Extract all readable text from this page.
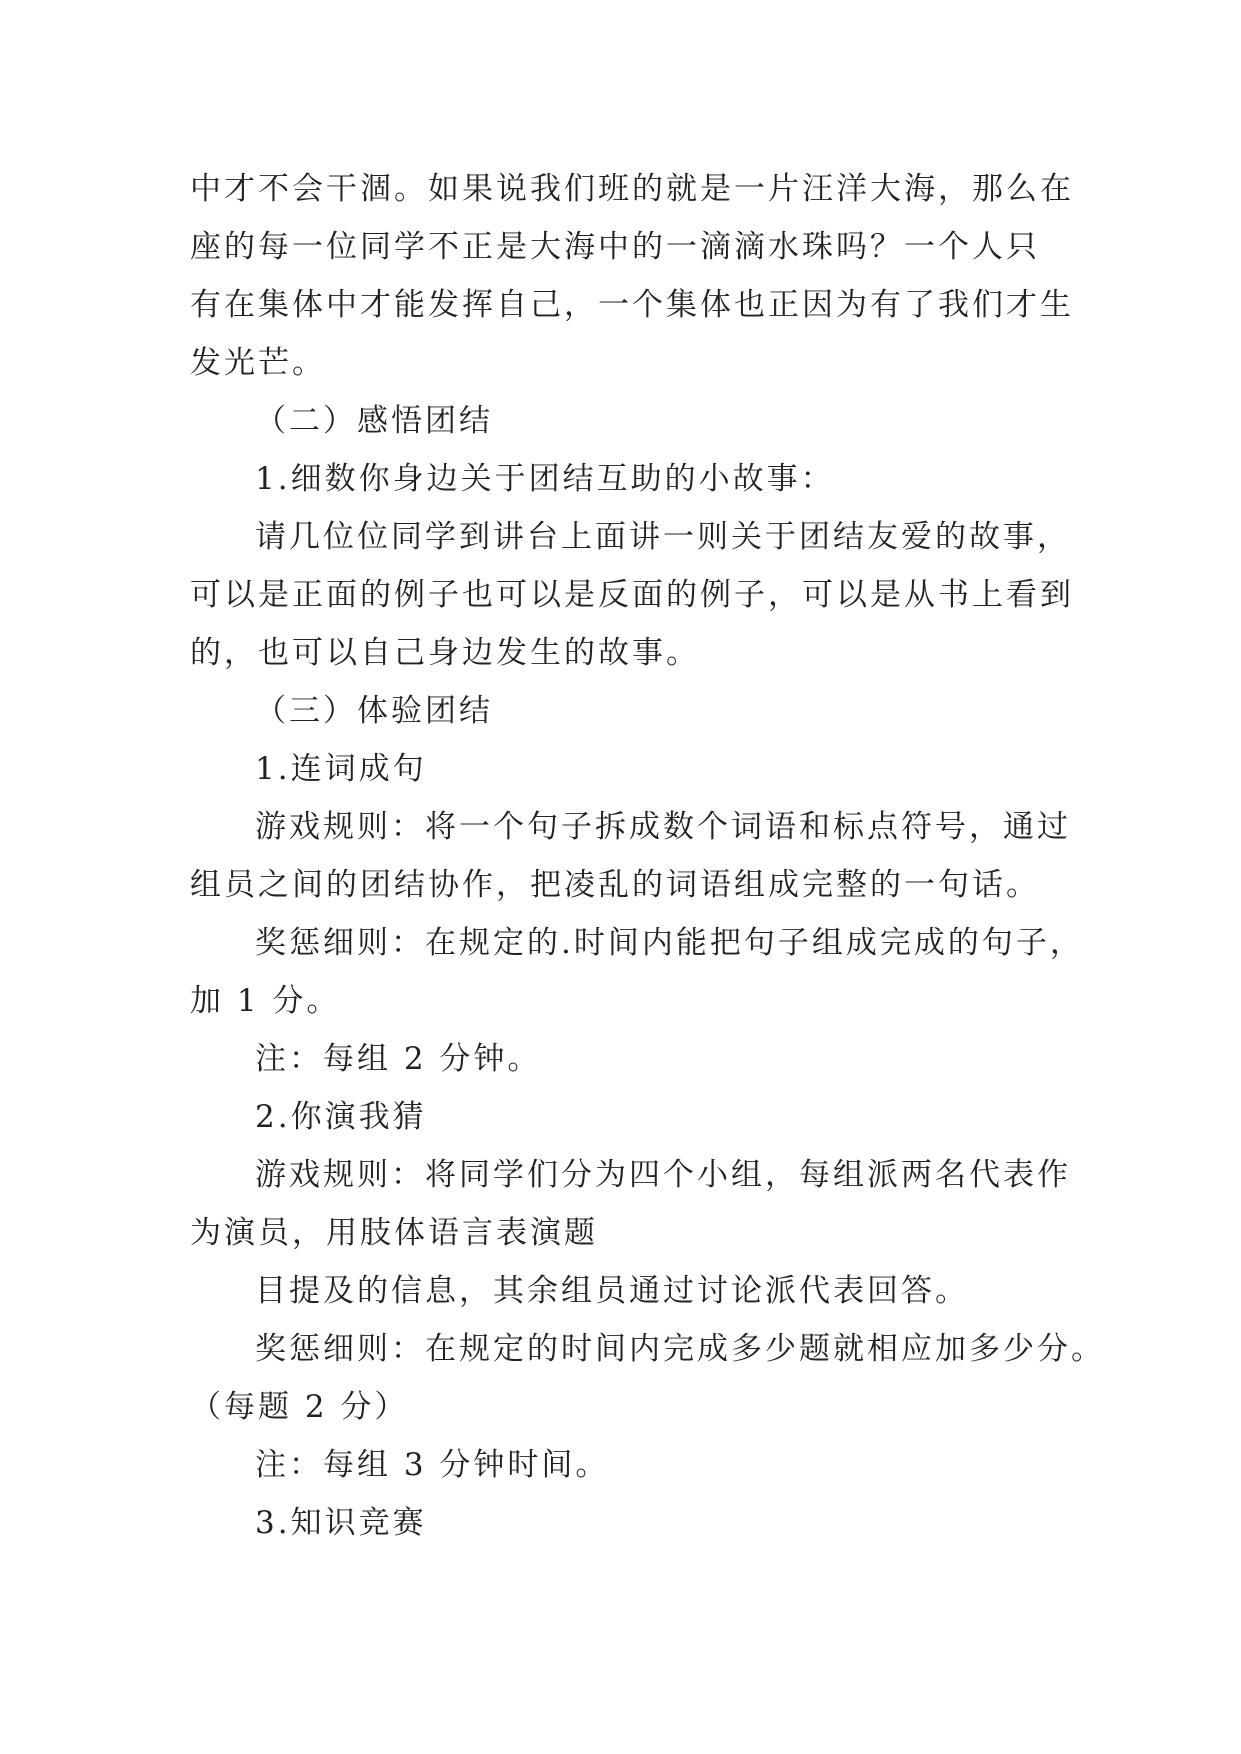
中才不会干涸。如果说我们班的就是一片汪洋大海，那么在
座的每一位同学不正是大海中的一滴滴水珠吗？一个人只
有在集体中才能发挥自己，一个集体也正因为有了我们才生
发光芒。
（二）感悟团结
1.细数你身边关于团结互助的小故事：
请几位位同学到讲台上面讲一则关于团结友爱的故事，
可以是正面的例子也可以是反面的例子，可以是从书上看到
的，也可以自己身边发生的故事。
（三）体验团结
1.连词成句
游戏规则：将一个句子拆成数个词语和标点符号，通过
组员之间的团结协作，把凌乱的词语组成完整的一句话。
奖惩细则：在规定的.时间内能把句子组成完成的句子，
加 1 分。
注：每组 2 分钟。
2.你演我猜
游戏规则：将同学们分为四个小组，每组派两名代表作
为演员，用肢体语言表演题
目提及的信息，其余组员通过讨论派代表回答。
奖惩细则：在规定的时间内完成多少题就相应加多少分。
（每题 2 分）
注：每组 3 分钟时间。
3.知识竞赛
